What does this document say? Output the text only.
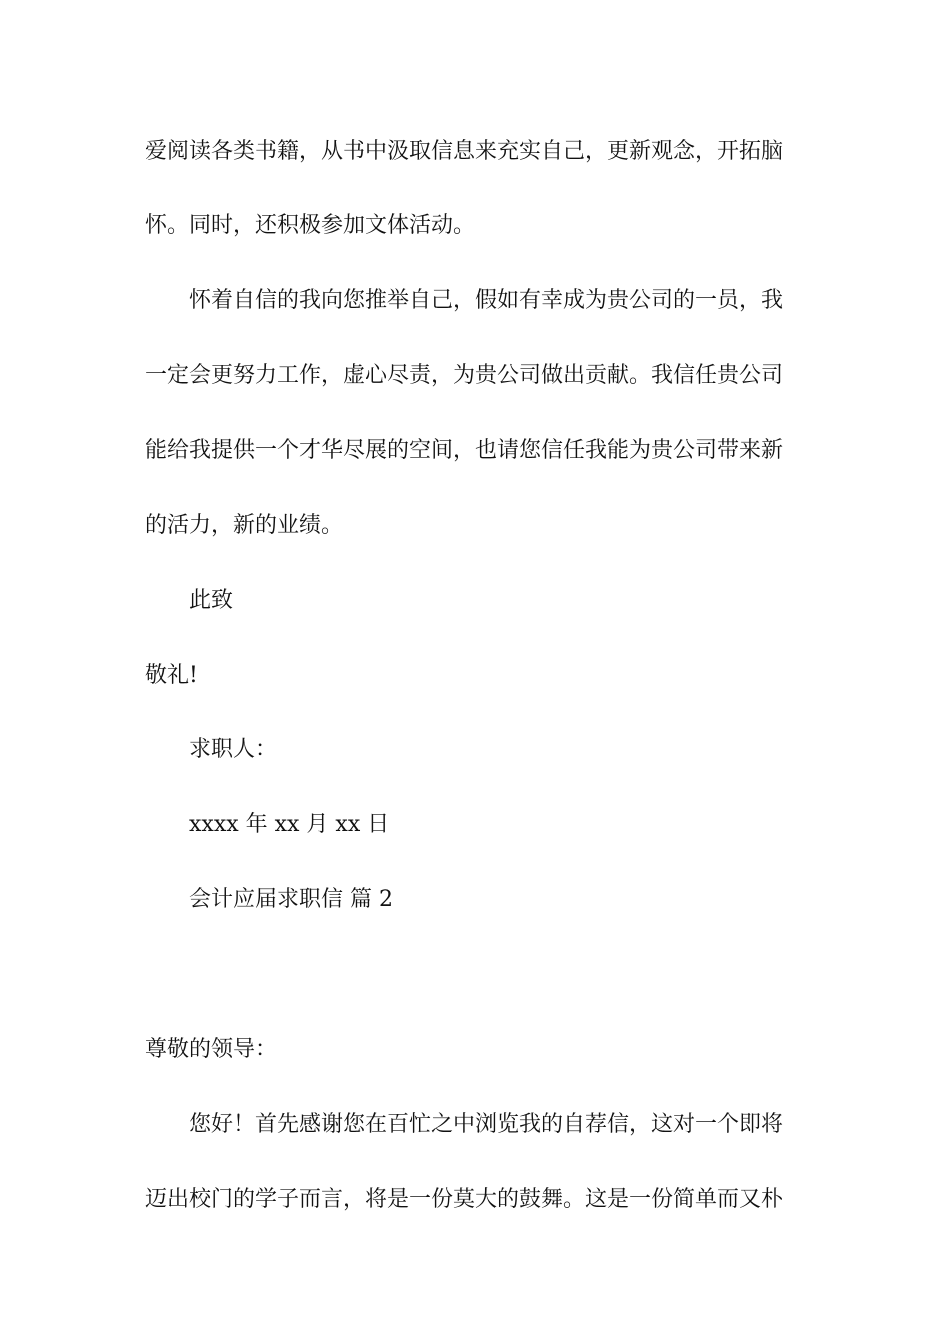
爱阅读各类书籍，从书中汲取信息来充实自己，更新观念，开拓脑
怀。同时，还积极参加文体活动。
怀着自信的我向您推举自己，假如有幸成为贵公司的一员，我
一定会更努力工作，虚心尽责，为贵公司做出贡献。我信任贵公司
能给我提供一个才华尽展的空间，也请您信任我能为贵公司带来新
的活力，新的业绩。
此致
敬礼!
求职人：
xxxx 年 xx 月 xx 日
会计应届求职信 篇 2
尊敬的领导：
您好！首先感谢您在百忙之中浏览我的自荐信，这对一个即将
迈出校门的学子而言，将是一份莫大的鼓舞。这是一份简单而又朴
